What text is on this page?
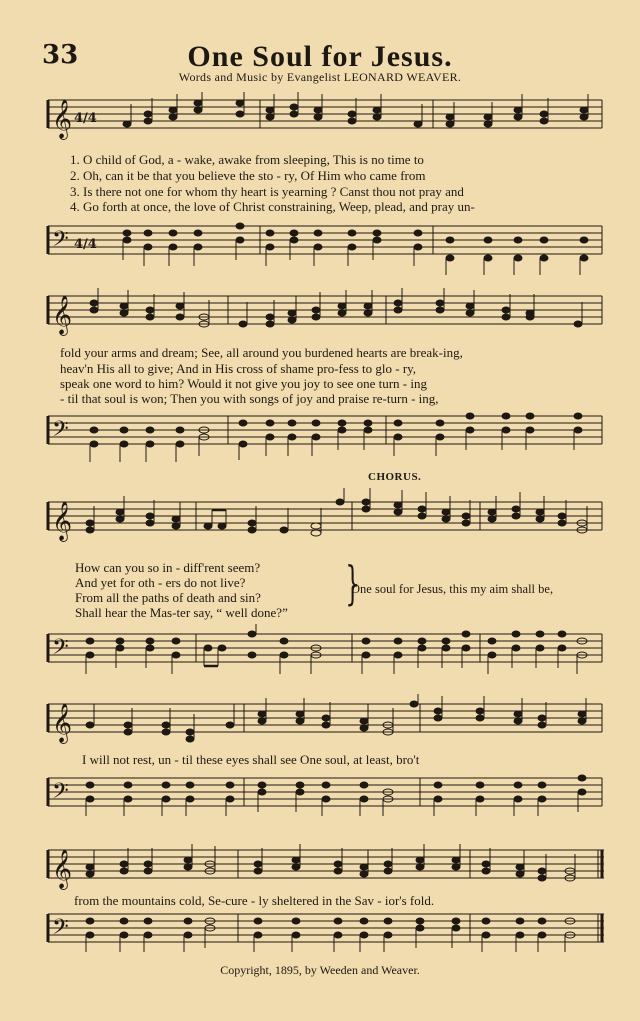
33	One Soul for Jesus.
Words and Music by Evangelist LEONARD WEAVER.
𝄞 4/4
1. O child of God, a - wake, awake from sleeping, This is no time to
2. Oh, can it be that you believe the sto - ry, Of Him who came from
3. Is there not one for whom thy heart is yearning ? Canst thou not pray and
4. Go forth at once, the love of Christ constraining, Weep, plead, and pray un-
𝄢 4/4
𝄞
fold your arms and dream; See, all around you burdened hearts are break-ing,
heav'n His all to give; And in His cross of shame pro-fess to glo - ry,
speak one word to him? Would it not give you joy to see one turn - ing
- til that soul is won; Then you with songs of joy and praise re-turn - ing,
𝄢
CHORUS.
𝄞
How can you so in - diff'rent seem?
And yet for oth - ers do not live?
From all the paths of death and sin?
Shall hear the Mas-ter say, “ well done?”
}
One soul for Jesus, this my aim shall be,
𝄢
𝄞
I will not rest, un - til these eyes shall see One soul, at least, bro't
𝄢
𝄞
from the mountains cold, Se-cure - ly sheltered in the Sav - ior's fold.
𝄢
Copyright, 1895, by Weeden and Weaver.
